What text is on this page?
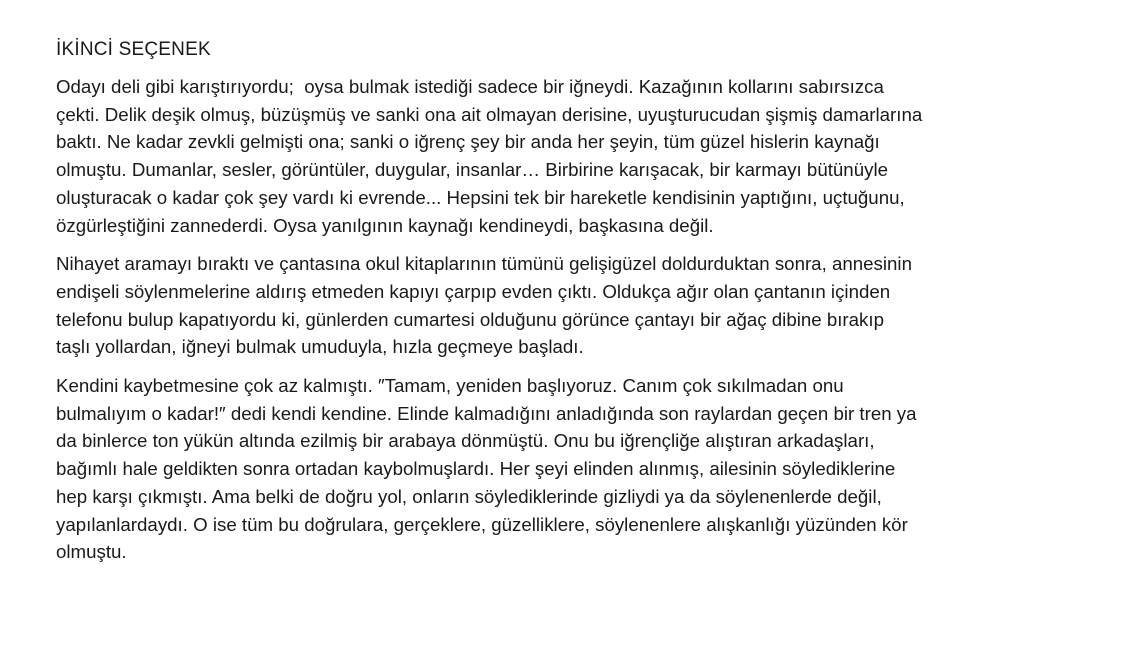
İKİNCİ SEÇENEK
Odayı deli gibi karıştırıyordu;  oysa bulmak istediği sadece bir iğneydi. Kazağının kollarını sabırsızca
çekti. Delik deşik olmuş, büzüşmüş ve sanki ona ait olmayan derisine, uyuşturucudan şişmiş damarlarına
baktı. Ne kadar zevkli gelmişti ona; sanki o iğrenç şey bir anda her şeyin, tüm güzel hislerin kaynağı
olmuştu. Dumanlar, sesler, görüntüler, duygular, insanlar… Birbirine karışacak, bir karmayı bütünüyle
oluşturacak o kadar çok şey vardı ki evrende... Hepsini tek bir hareketle kendisinin yaptığını, uçtuğunu,
özgürleştiğini zannederdi. Oysa yanılgının kaynağı kendineydi, başkasına değil.
Nihayet aramayı bıraktı ve çantasına okul kitaplarının tümünü gelişigüzel doldurduktan sonra, annesinin
endişeli söylenmelerine aldırış etmeden kapıyı çarpıp evden çıktı. Oldukça ağır olan çantanın içinden
telefonu bulup kapatıyordu ki, günlerden cumartesi olduğunu görünce çantayı bir ağaç dibine bırakıp
taşlı yollardan, iğneyi bulmak umuduyla, hızla geçmeye başladı.
Kendini kaybetmesine çok az kalmıştı. ″Tamam, yeniden başlıyoruz. Canım çok sıkılmadan onu
bulmalıyım o kadar!″ dedi kendi kendine. Elinde kalmadığını anladığında son raylardan geçen bir tren ya
da binlerce ton yükün altında ezilmiş bir arabaya dönmüştü. Onu bu iğrençliğe alıştıran arkadaşları,
bağımlı hale geldikten sonra ortadan kaybolmuşlardı. Her şeyi elinden alınmış, ailesinin söylediklerine
hep karşı çıkmıştı. Ama belki de doğru yol, onların söylediklerinde gizliydi ya da söylenenlerde değil,
yapılanlardaydı. O ise tüm bu doğrulara, gerçeklere, güzelliklere, söylenenlere alışkanlığı yüzünden kör
olmuştu.
